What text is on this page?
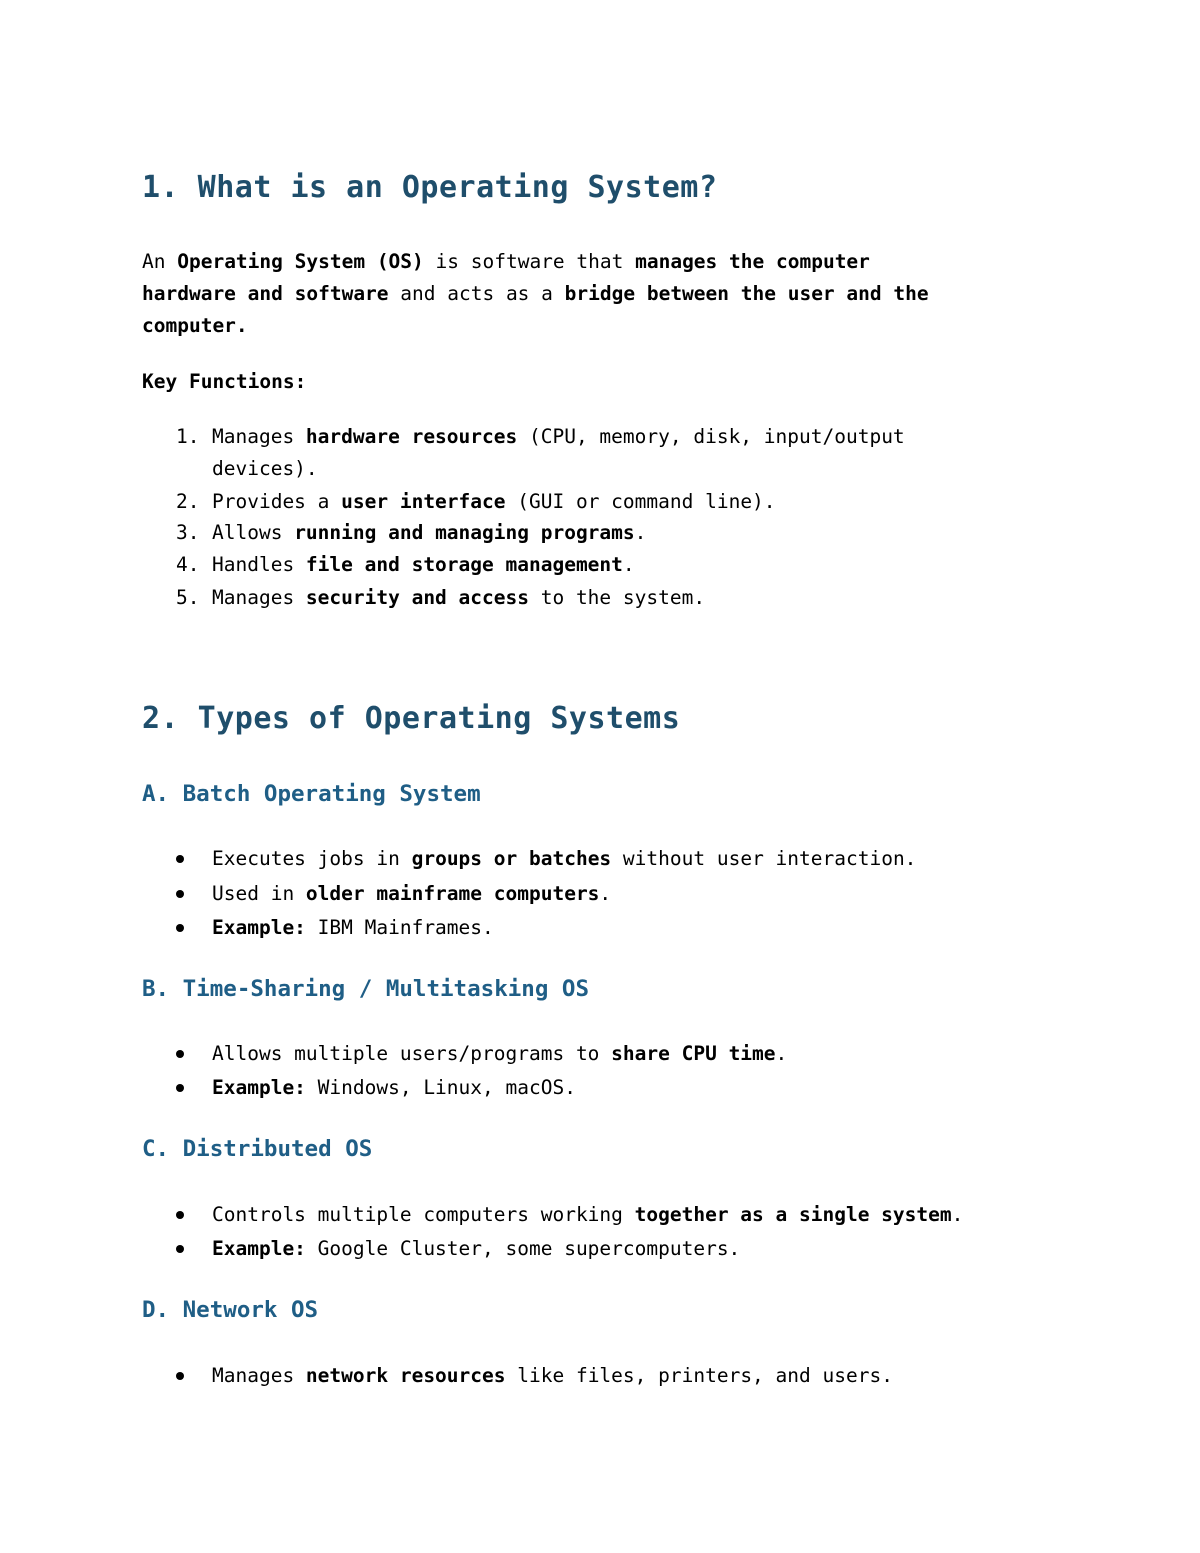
1. What is an Operating System?
An Operating System (OS) is software that manages the computer
hardware and software and acts as a bridge between the user and the
computer.
Key Functions:
1. Manages hardware resources (CPU, memory, disk, input/output
devices).
2. Provides a user interface (GUI or command line).
3. Allows running and managing programs.
4. Handles file and storage management.
5. Manages security and access to the system.
2. Types of Operating Systems
A. Batch Operating System
Executes jobs in groups or batches without user interaction.
Used in older mainframe computers.
Example: IBM Mainframes.
B. Time-Sharing / Multitasking OS
Allows multiple users/programs to share CPU time.
Example: Windows, Linux, macOS.
C. Distributed OS
Controls multiple computers working together as a single system.
Example: Google Cluster, some supercomputers.
D. Network OS
Manages network resources like files, printers, and users.
